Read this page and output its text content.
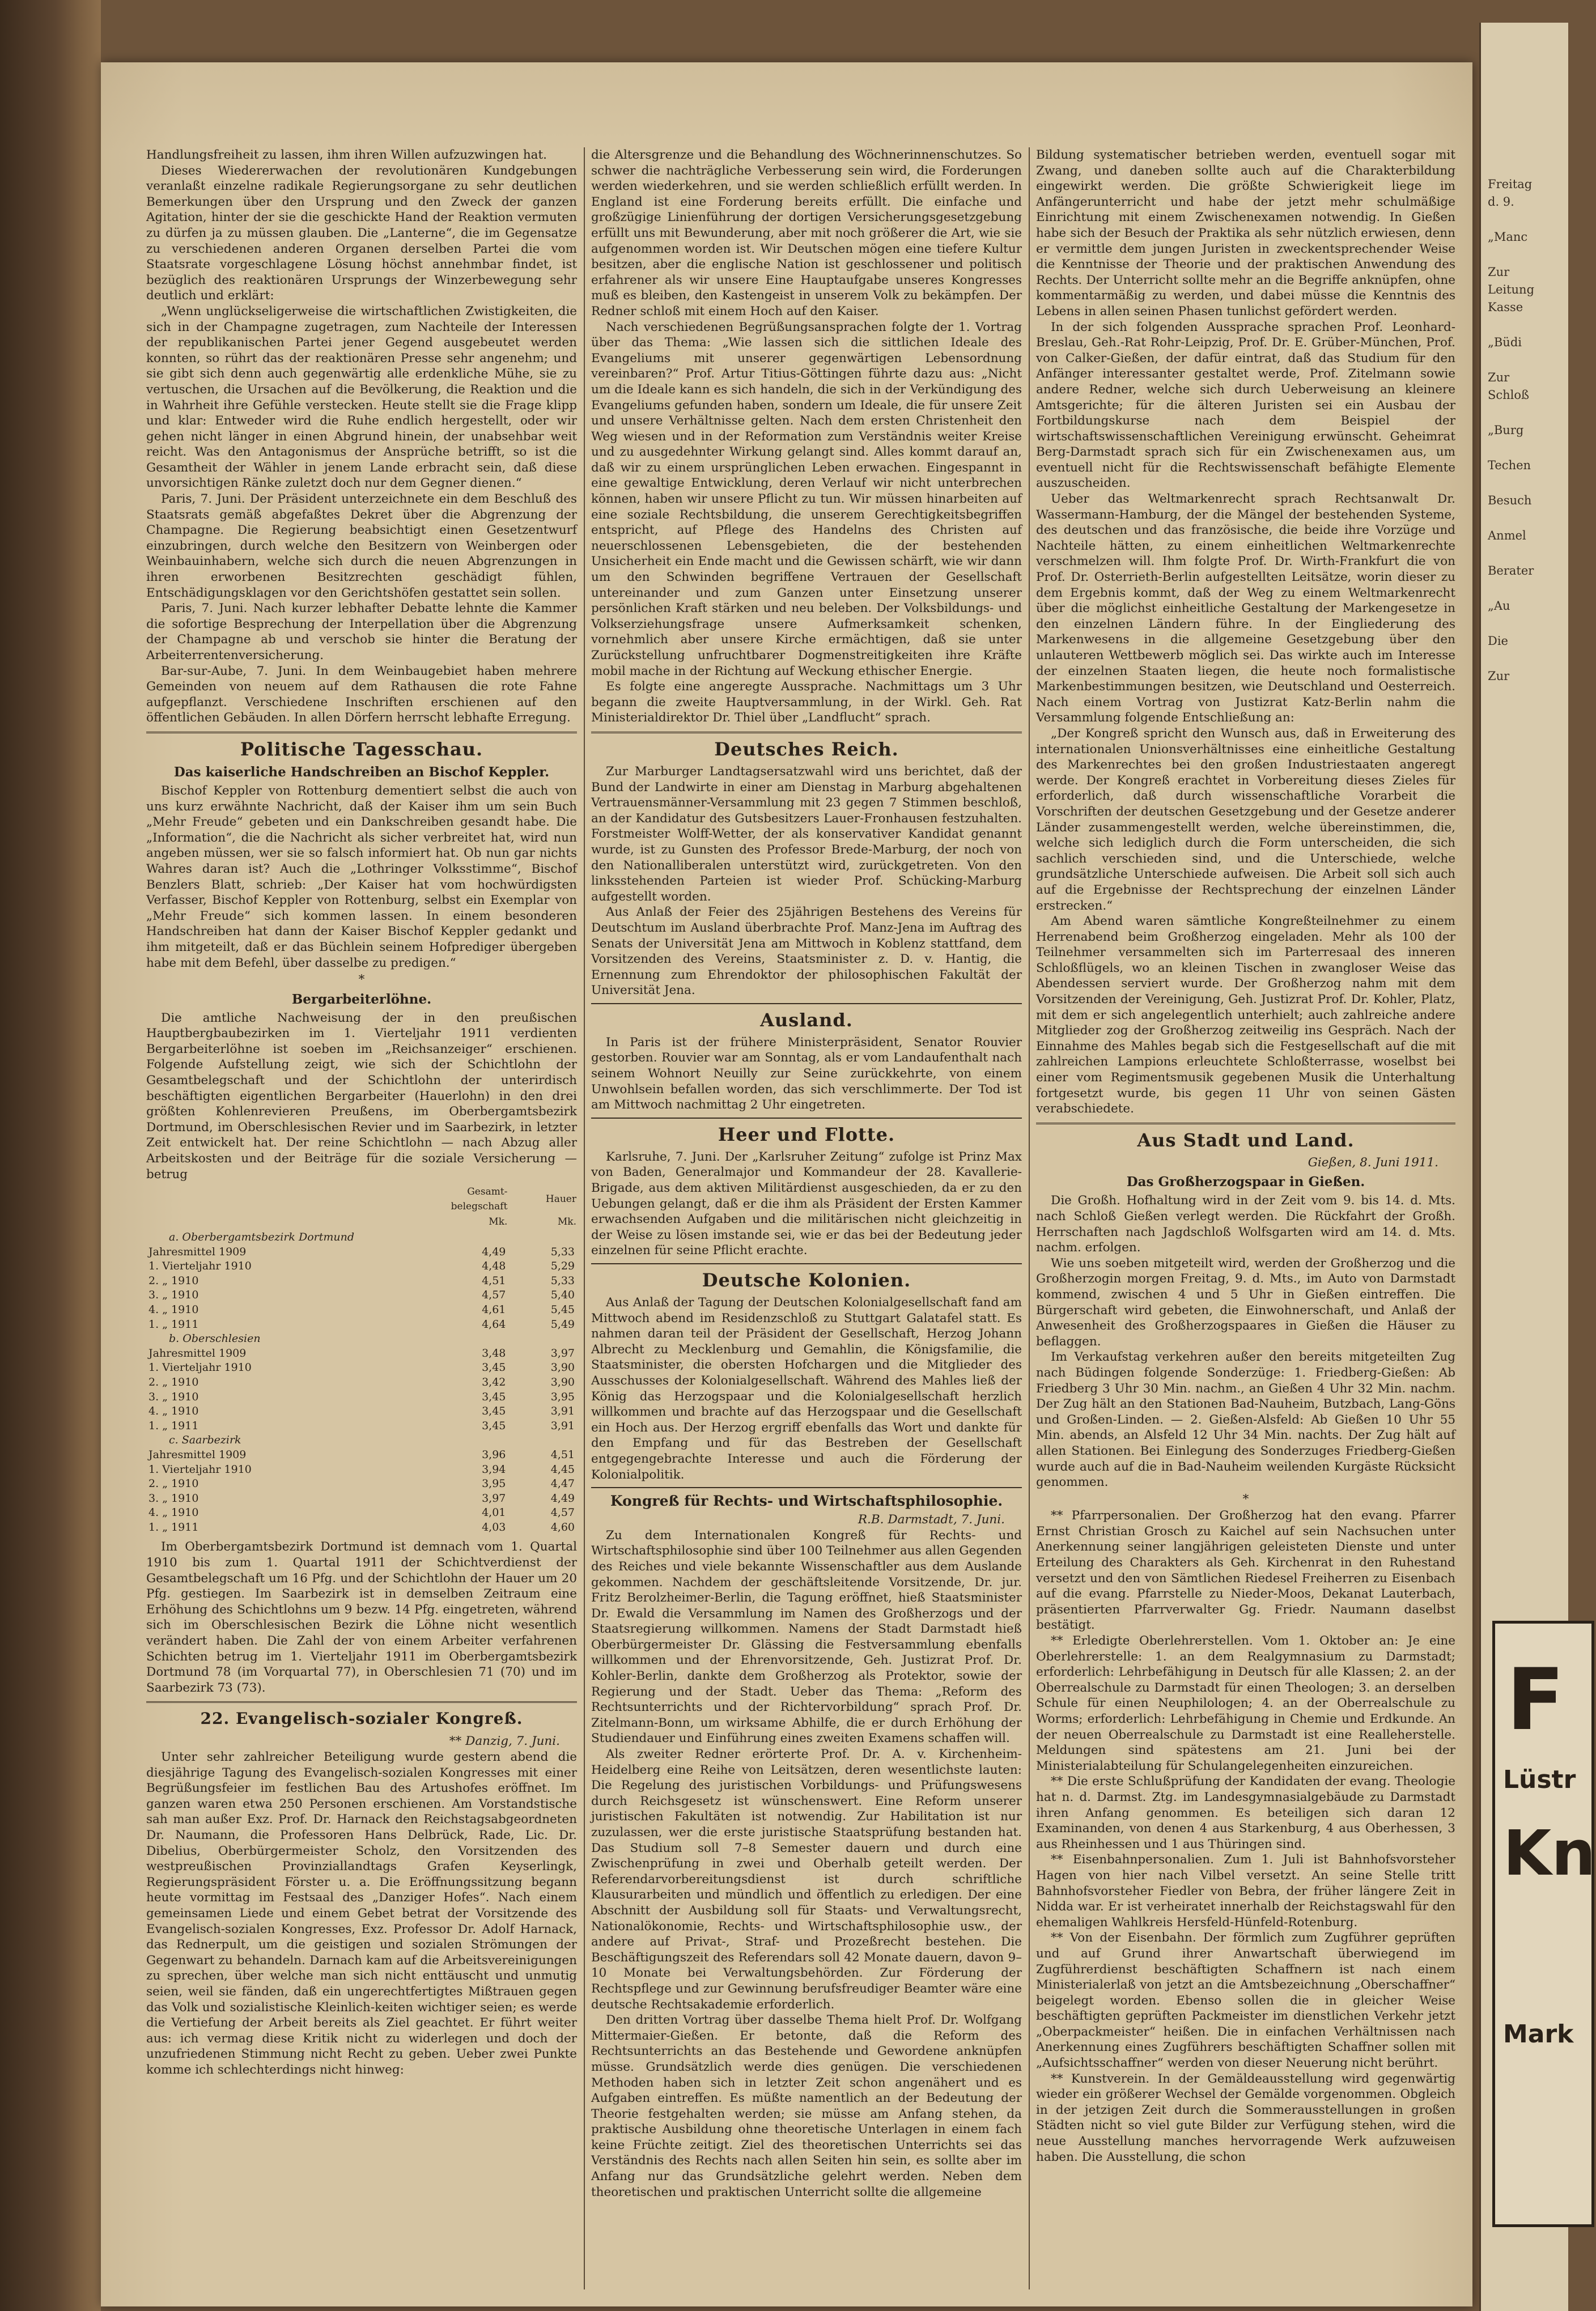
Handlungsfreiheit zu lassen, ihm ihren Willen aufzuzwingen hat.

Dieses Wiedererwachen der revolutionären Kundgebungen veranlaßt einzelne radikale Regierungsorgane zu sehr deutlichen Bemerkungen über den Ursprung und den Zweck der ganzen Agitation, hinter der sie die geschickte Hand der Reaktion vermuten zu dürfen ja zu müssen glauben. Die „Lanterne“, die im Gegensatze zu verschiedenen anderen Organen derselben Partei die vom Staatsrate vorgeschlagene Lösung höchst annehmbar findet, ist bezüglich des reaktionären Ursprungs der Winzerbewegung sehr deutlich und erklärt:

„Wenn unglückseligerweise die wirtschaftlichen Zwistigkeiten, die sich in der Champagne zugetragen, zum Nachteile der Interessen der republikanischen Partei jener Gegend ausgebeutet werden konnten, so rührt das der reaktionären Presse sehr angenehm; und sie gibt sich denn auch gegenwärtig alle erdenkliche Mühe, sie zu vertuschen, die Ursachen auf die Bevölkerung, die Reaktion und die in Wahrheit ihre Gefühle verstecken. Heute stellt sie die Frage klipp und klar: Entweder wird die Ruhe endlich hergestellt, oder wir gehen nicht länger in einen Abgrund hinein, der unabsehbar weit reicht. Was den Antagonismus der Ansprüche betrifft, so ist die Gesamtheit der Wähler in jenem Lande erbracht sein, daß diese unvorsichtigen Ränke zuletzt doch nur dem Gegner dienen.“

Paris, 7. Juni. Der Präsident unterzeichnete ein dem Beschluß des Staatsrats gemäß abgefaßtes Dekret über die Abgrenzung der Champagne. Die Regierung beabsichtigt einen Gesetzentwurf einzubringen, durch welche den Besitzern von Weinbergen oder Weinbauinhabern, welche sich durch die neuen Abgrenzungen in ihren erworbenen Besitzrechten geschädigt fühlen, Entschädigungsklagen vor den Gerichtshöfen gestattet sein sollen.

Paris, 7. Juni. Nach kurzer lebhafter Debatte lehnte die Kammer die sofortige Besprechung der Interpellation über die Abgrenzung der Champagne ab und verschob sie hinter die Beratung der Arbeiterrentenversicherung.

Bar-sur-Aube, 7. Juni. In dem Weinbaugebiet haben mehrere Gemeinden von neuem auf dem Rathausen die rote Fahne aufgepflanzt. Verschiedene Inschriften erschienen auf den öffentlichen Gebäuden. In allen Dörfern herrscht lebhafte Erregung.

Politische Tagesschau.
Das kaiserliche Handschreiben an Bischof Keppler.

Bischof Keppler von Rottenburg dementiert selbst die auch von uns kurz erwähnte Nachricht, daß der Kaiser ihm um sein Buch „Mehr Freude“ gebeten und ein Dankschreiben gesandt habe. Die „Information“, die die Nachricht als sicher verbreitet hat, wird nun angeben müssen, wer sie so falsch informiert hat. Ob nun gar nichts Wahres daran ist? Auch die „Lothringer Volksstimme“, Bischof Benzlers Blatt, schrieb: „Der Kaiser hat vom hochwürdigsten Verfasser, Bischof Keppler von Rottenburg, selbst ein Exemplar von „Mehr Freude“ sich kommen lassen. In einem besonderen Handschreiben hat dann der Kaiser Bischof Keppler gedankt und ihm mitgeteilt, daß er das Büchlein seinem Hofprediger übergeben habe mit dem Befehl, über dasselbe zu predigen.“

*
Bergarbeiterlöhne.

Die amtliche Nachweisung der in den preußischen Hauptbergbaubezirken im 1. Vierteljahr 1911 verdienten Bergarbeiterlöhne ist soeben im „Reichsanzeiger“ erschienen. Folgende Aufstellung zeigt, wie sich der Schichtlohn der Gesamtbelegschaft und der Schichtlohn der unterirdisch beschäftigten eigentlichen Bergarbeiter (Hauerlohn) in den drei größten Kohlenrevieren Preußens, im Oberbergamtsbezirk Dortmund, im Oberschlesischen Revier und im Saarbezirk, in letzter Zeit entwickelt hat. Der reine Schichtlohn — nach Abzug aller Arbeitskosten und der Beiträge für die soziale Versicherung — betrug

	Gesamt-belegschaft	Hauer
	Mk.	Mk.
a. Oberbergamtsbezirk Dortmund		
Jahresmittel 1909	4,49	5,33
1. Vierteljahr 1910	4,48	5,29
2. „ 1910	4,51	5,33
3. „ 1910	4,57	5,40
4. „ 1910	4,61	5,45
1. „ 1911	4,64	5,49
b. Oberschlesien		
Jahresmittel 1909	3,48	3,97
1. Vierteljahr 1910	3,45	3,90
2. „ 1910	3,42	3,90
3. „ 1910	3,45	3,95
4. „ 1910	3,45	3,91
1. „ 1911	3,45	3,91
c. Saarbezirk		
Jahresmittel 1909	3,96	4,51
1. Vierteljahr 1910	3,94	4,45
2. „ 1910	3,95	4,47
3. „ 1910	3,97	4,49
4. „ 1910	4,01	4,57
1. „ 1911	4,03	4,60

Im Oberbergamtsbezirk Dortmund ist demnach vom 1. Quartal 1910 bis zum 1. Quartal 1911 der Schichtverdienst der Gesamtbelegschaft um 16 Pfg. und der Schichtlohn der Hauer um 20 Pfg. gestiegen. Im Saarbezirk ist in demselben Zeitraum eine Erhöhung des Schichtlohns um 9 bezw. 14 Pfg. eingetreten, während sich im Oberschlesischen Bezirk die Löhne nicht wesentlich verändert haben. Die Zahl der von einem Arbeiter verfahrenen Schichten betrug im 1. Vierteljahr 1911 im Oberbergamtsbezirk Dortmund 78 (im Vorquartal 77), in Oberschlesien 71 (70) und im Saarbezirk 73 (73).

22. Evangelisch-sozialer Kongreß.
** Danzig, 7. Juni.

Unter sehr zahlreicher Beteiligung wurde gestern abend die diesjährige Tagung des Evangelisch-sozialen Kongresses mit einer Begrüßungsfeier im festlichen Bau des Artushofes eröffnet. Im ganzen waren etwa 250 Personen erschienen. Am Vorstandstische sah man außer Exz. Prof. Dr. Harnack den Reichstagsabgeordneten Dr. Naumann, die Professoren Hans Delbrück, Rade, Lic. Dr. Dibelius, Oberbürgermeister Scholz, den Vorsitzenden des westpreußischen Provinziallandtags Grafen Keyserlingk, Regierungspräsident Förster u. a. Die Eröffnungssitzung begann heute vormittag im Festsaal des „Danziger Hofes“. Nach einem gemeinsamen Liede und einem Gebet betrat der Vorsitzende des Evangelisch-sozialen Kongresses, Exz. Professor Dr. Adolf Harnack, das Rednerpult, um die geistigen und sozialen Strömungen der Gegenwart zu behandeln. Darnach kam auf die Arbeitsvereinigungen zu sprechen, über welche man sich nicht enttäuscht und unmutig seien, weil sie fänden, daß ein ungerechtfertigtes Mißtrauen gegen das Volk und sozialistische Kleinlich-keiten wichtiger seien; es werde die Vertiefung der Arbeit bereits als Ziel geachtet. Er führt weiter aus: ich vermag diese Kritik nicht zu widerlegen und doch der unzufriedenen Stimmung nicht Recht zu geben. Ueber zwei Punkte komme ich schlechterdings nicht hinweg:

die Altersgrenze und die Behandlung des Wöchnerinnenschutzes. So schwer die nachträgliche Verbesserung sein wird, die Forderungen werden wiederkehren, und sie werden schließlich erfüllt werden. In England ist eine Forderung bereits erfüllt. Die einfache und großzügige Linienführung der dortigen Versicherungsgesetzgebung erfüllt uns mit Bewunderung, aber mit noch größerer die Art, wie sie aufgenommen worden ist. Wir Deutschen mögen eine tiefere Kultur besitzen, aber die englische Nation ist geschlossener und politisch erfahrener als wir unsere Eine Hauptaufgabe unseres Kongresses muß es bleiben, den Kastengeist in unserem Volk zu bekämpfen. Der Redner schloß mit einem Hoch auf den Kaiser.

Nach verschiedenen Begrüßungsansprachen folgte der 1. Vortrag über das Thema: „Wie lassen sich die sittlichen Ideale des Evangeliums mit unserer gegenwärtigen Lebensordnung vereinbaren?“ Prof. Artur Titius-Göttingen führte dazu aus: „Nicht um die Ideale kann es sich handeln, die sich in der Verkündigung des Evangeliums gefunden haben, sondern um Ideale, die für unsere Zeit und unsere Verhältnisse gelten. Nach dem ersten Christenheit den Weg wiesen und in der Reformation zum Verständnis weiter Kreise und zu ausgedehnter Wirkung gelangt sind. Alles kommt darauf an, daß wir zu einem ursprünglichen Leben erwachen. Eingespannt in eine gewaltige Entwicklung, deren Verlauf wir nicht unterbrechen können, haben wir unsere Pflicht zu tun. Wir müssen hinarbeiten auf eine soziale Rechtsbildung, die unserem Gerechtigkeitsbegriffen entspricht, auf Pflege des Handelns des Christen auf neuerschlossenen Lebensgebieten, die der bestehenden Unsicherheit ein Ende macht und die Gewissen schärft, wie wir dann um den Schwinden begriffene Vertrauen der Gesellschaft untereinander und zum Ganzen unter Einsetzung unserer persönlichen Kraft stärken und neu beleben. Der Volksbildungs- und Volkserziehungsfrage unsere Aufmerksamkeit schenken, vornehmlich aber unsere Kirche ermächtigen, daß sie unter Zurückstellung unfruchtbarer Dogmenstreitigkeiten ihre Kräfte mobil mache in der Richtung auf Weckung ethischer Energie.

Es folgte eine angeregte Aussprache. Nachmittags um 3 Uhr begann die zweite Hauptversammlung, in der Wirkl. Geh. Rat Ministerialdirektor Dr. Thiel über „Landflucht“ sprach.

Deutsches Reich.

Zur Marburger Landtagsersatzwahl wird uns berichtet, daß der Bund der Landwirte in einer am Dienstag in Marburg abgehaltenen Vertrauensmänner-Versammlung mit 23 gegen 7 Stimmen beschloß, an der Kandidatur des Gutsbesitzers Lauer-Fronhausen festzuhalten. Forstmeister Wolff-Wetter, der als konservativer Kandidat genannt wurde, ist zu Gunsten des Professor Brede-Marburg, der noch von den Nationalliberalen unterstützt wird, zurückgetreten. Von den linksstehenden Parteien ist wieder Prof. Schücking-Marburg aufgestellt worden.

Aus Anlaß der Feier des 25jährigen Bestehens des Vereins für Deutschtum im Ausland überbrachte Prof. Manz-Jena im Auftrag des Senats der Universität Jena am Mittwoch in Koblenz stattfand, dem Vorsitzenden des Vereins, Staatsminister z. D. v. Hantig, die Ernennung zum Ehrendoktor der philosophischen Fakultät der Universität Jena.

Ausland.

In Paris ist der frühere Ministerpräsident, Senator Rouvier gestorben. Rouvier war am Sonntag, als er vom Landaufenthalt nach seinem Wohnort Neuilly zur Seine zurückkehrte, von einem Unwohlsein befallen worden, das sich verschlimmerte. Der Tod ist am Mittwoch nachmittag 2 Uhr eingetreten.

Heer und Flotte.

Karlsruhe, 7. Juni. Der „Karlsruher Zeitung“ zufolge ist Prinz Max von Baden, Generalmajor und Kommandeur der 28. Kavallerie-Brigade, aus dem aktiven Militärdienst ausgeschieden, da er zu den Uebungen gelangt, daß er die ihm als Präsident der Ersten Kammer erwachsenden Aufgaben und die militärischen nicht gleichzeitig in der Weise zu lösen imstande sei, wie er das bei der Bedeutung jeder einzelnen für seine Pflicht erachte.

Deutsche Kolonien.

Aus Anlaß der Tagung der Deutschen Kolonialgesellschaft fand am Mittwoch abend im Residenzschloß zu Stuttgart Galatafel statt. Es nahmen daran teil der Präsident der Gesellschaft, Herzog Johann Albrecht zu Mecklenburg und Gemahlin, die Königsfamilie, die Staatsminister, die obersten Hofchargen und die Mitglieder des Ausschusses der Kolonialgesellschaft. Während des Mahles ließ der König das Herzogspaar und die Kolonialgesellschaft herzlich willkommen und brachte auf das Herzogspaar und die Gesellschaft ein Hoch aus. Der Herzog ergriff ebenfalls das Wort und dankte für den Empfang und für das Bestreben der Gesellschaft entgegengebrachte Interesse und auch die Förderung der Kolonialpolitik.

Kongreß für Rechts- und Wirtschaftsphilosophie.
R.B. Darmstadt, 7. Juni.

Zu dem Internationalen Kongreß für Rechts- und Wirtschaftsphilosophie sind über 100 Teilnehmer aus allen Gegenden des Reiches und viele bekannte Wissenschaftler aus dem Auslande gekommen. Nachdem der geschäftsleitende Vorsitzende, Dr. jur. Fritz Berolzheimer-Berlin, die Tagung eröffnet, hieß Staatsminister Dr. Ewald die Versammlung im Namen des Großherzogs und der Staatsregierung willkommen. Namens der Stadt Darmstadt hieß Oberbürgermeister Dr. Glässing die Festversammlung ebenfalls willkommen und der Ehrenvorsitzende, Geh. Justizrat Prof. Dr. Kohler-Berlin, dankte dem Großherzog als Protektor, sowie der Regierung und der Stadt. Ueber das Thema: „Reform des Rechtsunterrichts und der Richtervorbildung“ sprach Prof. Dr. Zitelmann-Bonn, um wirksame Abhilfe, die er durch Erhöhung der Studiendauer und Einführung eines zweiten Examens schaffen will.

Als zweiter Redner erörterte Prof. Dr. A. v. Kirchenheim-Heidelberg eine Reihe von Leitsätzen, deren wesentlichste lauten: Die Regelung des juristischen Vorbildungs- und Prüfungswesens durch Reichsgesetz ist wünschenswert. Eine Reform unserer juristischen Fakultäten ist notwendig. Zur Habilitation ist nur zuzulassen, wer die erste juristische Staatsprüfung bestanden hat. Das Studium soll 7–8 Semester dauern und durch eine Zwischenprüfung in zwei und Oberhalb geteilt werden. Der Referendarvorbereitungsdienst ist durch schriftliche Klausurarbeiten und mündlich und öffentlich zu erledigen. Der eine Abschnitt der Ausbildung soll für Staats- und Verwaltungsrecht, Nationalökonomie, Rechts- und Wirtschaftsphilosophie usw., der andere auf Privat-, Straf- und Prozeßrecht bestehen. Die Beschäftigungszeit des Referendars soll 42 Monate dauern, davon 9–10 Monate bei Verwaltungsbehörden. Zur Förderung der Rechtspflege und zur Gewinnung berufsfreudiger Beamter wäre eine deutsche Rechtsakademie erforderlich.

Den dritten Vortrag über dasselbe Thema hielt Prof. Dr. Wolfgang Mittermaier-Gießen. Er betonte, daß die Reform des Rechtsunterrichts an das Bestehende und Gewordene anknüpfen müsse. Grundsätzlich werde dies genügen. Die verschiedenen Methoden haben sich in letzter Zeit schon angenähert und es Aufgaben eintreffen. Es müßte namentlich an der Bedeutung der Theorie festgehalten werden; sie müsse am Anfang stehen, da praktische Ausbildung ohne theoretische Unterlagen in einem fach keine Früchte zeitigt. Ziel des theoretischen Unterrichts sei das Verständnis des Rechts nach allen Seiten hin sein, es sollte aber im Anfang nur das Grundsätzliche gelehrt werden. Neben dem theoretischen und praktischen Unterricht sollte die allgemeine

Bildung systematischer betrieben werden, eventuell sogar mit Zwang, und daneben sollte auch auf die Charakterbildung eingewirkt werden. Die größte Schwierigkeit liege im Anfängerunterricht und habe der jetzt mehr schulmäßige Einrichtung mit einem Zwischenexamen notwendig. In Gießen habe sich der Besuch der Praktika als sehr nützlich erwiesen, denn er vermittle dem jungen Juristen in zweckentsprechender Weise die Kenntnisse der Theorie und der praktischen Anwendung des Rechts. Der Unterricht sollte mehr an die Begriffe anknüpfen, ohne kommentarmäßig zu werden, und dabei müsse die Kenntnis des Lebens in allen seinen Phasen tunlichst gefördert werden.

In der sich folgenden Aussprache sprachen Prof. Leonhard-Breslau, Geh.-Rat Rohr-Leipzig, Prof. Dr. E. Grüber-München, Prof. von Calker-Gießen, der dafür eintrat, daß das Studium für den Anfänger interessanter gestaltet werde, Prof. Zitelmann sowie andere Redner, welche sich durch Ueberweisung an kleinere Amtsgerichte; für die älteren Juristen sei ein Ausbau der Fortbildungskurse nach dem Beispiel der wirtschaftswissenschaftlichen Vereinigung erwünscht. Geheimrat Berg-Darmstadt sprach sich für ein Zwischenexamen aus, um eventuell nicht für die Rechtswissenschaft befähigte Elemente auszuscheiden.

Ueber das Weltmarkenrecht sprach Rechtsanwalt Dr. Wassermann-Hamburg, der die Mängel der bestehenden Systeme, des deutschen und das französische, die beide ihre Vorzüge und Nachteile hätten, zu einem einheitlichen Weltmarkenrechte verschmelzen will. Ihm folgte Prof. Dr. Wirth-Frankfurt die von Prof. Dr. Osterrieth-Berlin aufgestellten Leitsätze, worin dieser zu dem Ergebnis kommt, daß der Weg zu einem Weltmarkenrecht über die möglichst einheitliche Gestaltung der Markengesetze in den einzelnen Ländern führe. In der Eingliederung des Markenwesens in die allgemeine Gesetzgebung über den unlauteren Wettbewerb möglich sei. Das wirkte auch im Interesse der einzelnen Staaten liegen, die heute noch formalistische Markenbestimmungen besitzen, wie Deutschland und Oesterreich. Nach einem Vortrag von Justizrat Katz-Berlin nahm die Versammlung folgende Entschließung an:

„Der Kongreß spricht den Wunsch aus, daß in Erweiterung des internationalen Unionsverhältnisses eine einheitliche Gestaltung des Markenrechtes bei den großen Industriestaaten angeregt werde. Der Kongreß erachtet in Vorbereitung dieses Zieles für erforderlich, daß durch wissenschaftliche Vorarbeit die Vorschriften der deutschen Gesetzgebung und der Gesetze anderer Länder zusammengestellt werden, welche übereinstimmen, die, welche sich lediglich durch die Form unterscheiden, die sich sachlich verschieden sind, und die Unterschiede, welche grundsätzliche Unterschiede aufweisen. Die Arbeit soll sich auch auf die Ergebnisse der Rechtsprechung der einzelnen Länder erstrecken.“

Am Abend waren sämtliche Kongreßteilnehmer zu einem Herrenabend beim Großherzog eingeladen. Mehr als 100 der Teilnehmer versammelten sich im Parterresaal des inneren Schloßflügels, wo an kleinen Tischen in zwangloser Weise das Abendessen serviert wurde. Der Großherzog nahm mit dem Vorsitzenden der Vereinigung, Geh. Justizrat Prof. Dr. Kohler, Platz, mit dem er sich angelegentlich unterhielt; auch zahlreiche andere Mitglieder zog der Großherzog zeitweilig ins Gespräch. Nach der Einnahme des Mahles begab sich die Festgesellschaft auf die mit zahlreichen Lampions erleuchtete Schloßterrasse, woselbst bei einer vom Regimentsmusik gegebenen Musik die Unterhaltung fortgesetzt wurde, bis gegen 11 Uhr von seinen Gästen verabschiedete.

Aus Stadt und Land.
Gießen, 8. Juni 1911.
Das Großherzogspaar in Gießen.

Die Großh. Hofhaltung wird in der Zeit vom 9. bis 14. d. Mts. nach Schloß Gießen verlegt werden. Die Rückfahrt der Großh. Herrschaften nach Jagdschloß Wolfsgarten wird am 14. d. Mts. nachm. erfolgen.

Wie uns soeben mitgeteilt wird, werden der Großherzog und die Großherzogin morgen Freitag, 9. d. Mts., im Auto von Darmstadt kommend, zwischen 4 und 5 Uhr in Gießen eintreffen. Die Bürgerschaft wird gebeten, die Einwohnerschaft, und Anlaß der Anwesenheit des Großherzogspaares in Gießen die Häuser zu beflaggen.

Im Verkaufstag verkehren außer den bereits mitgeteilten Zug nach Büdingen folgende Sonderzüge: 1. Friedberg-Gießen: Ab Friedberg 3 Uhr 30 Min. nachm., an Gießen 4 Uhr 32 Min. nachm. Der Zug hält an den Stationen Bad-Nauheim, Butzbach, Lang-Göns und Großen-Linden. — 2. Gießen-Alsfeld: Ab Gießen 10 Uhr 55 Min. abends, an Alsfeld 12 Uhr 34 Min. nachts. Der Zug hält auf allen Stationen. Bei Einlegung des Sonderzuges Friedberg-Gießen wurde auch auf die in Bad-Nauheim weilenden Kurgäste Rücksicht genommen.

*

** Pfarrpersonalien. Der Großherzog hat den evang. Pfarrer Ernst Christian Grosch zu Kaichel auf sein Nachsuchen unter Anerkennung seiner langjährigen geleisteten Dienste und unter Erteilung des Charakters als Geh. Kirchenrat in den Ruhestand versetzt und den von Sämtlichen Riedesel Freiherren zu Eisenbach auf die evang. Pfarrstelle zu Nieder-Moos, Dekanat Lauterbach, präsentierten Pfarrverwalter Gg. Friedr. Naumann daselbst bestätigt.

** Erledigte Oberlehrerstellen. Vom 1. Oktober an: Je eine Oberlehrerstelle: 1. an dem Realgymnasium zu Darmstadt; erforderlich: Lehrbefähigung in Deutsch für alle Klassen; 2. an der Oberrealschule zu Darmstadt für einen Theologen; 3. an derselben Schule für einen Neuphilologen; 4. an der Oberrealschule zu Worms; erforderlich: Lehrbefähigung in Chemie und Erdkunde. An der neuen Oberrealschule zu Darmstadt ist eine Realleherstelle. Meldungen sind spätestens am 21. Juni bei der Ministerialabteilung für Schulangelegenheiten einzureichen.

** Die erste Schlußprüfung der Kandidaten der evang. Theologie hat n. d. Darmst. Ztg. im Landesgymnasialgebäude zu Darmstadt ihren Anfang genommen. Es beteiligen sich daran 12 Examinanden, von denen 4 aus Starkenburg, 4 aus Oberhessen, 3 aus Rheinhessen und 1 aus Thüringen sind.

** Eisenbahnpersonalien. Zum 1. Juli ist Bahnhofsvorsteher Hagen von hier nach Vilbel versetzt. An seine Stelle tritt Bahnhofsvorsteher Fiedler von Bebra, der früher längere Zeit in Nidda war. Er ist verheiratet innerhalb der Reichstagswahl für den ehemaligen Wahlkreis Hersfeld-Hünfeld-Rotenburg.

** Von der Eisenbahn. Der förmlich zum Zugführer geprüften und auf Grund ihrer Anwartschaft überwiegend im Zugführerdienst beschäftigten Schaffnern ist nach einem Ministerialerlaß von jetzt an die Amtsbezeichnung „Oberschaffner“ beigelegt worden. Ebenso sollen die in gleicher Weise beschäftigten geprüften Packmeister im dienstlichen Verkehr jetzt „Oberpackmeister“ heißen. Die in einfachen Verhältnissen nach Anerkennung eines Zugführers beschäftigten Schaffner sollen mit „Aufsichtsschaffner“ werden von dieser Neuerung nicht berührt.

** Kunstverein. In der Gemäldeausstellung wird gegenwärtig wieder ein größerer Wechsel der Gemälde vorgenommen. Obgleich in der jetzigen Zeit durch die Sommerausstellungen in großen Städten nicht so viel gute Bilder zur Verfügung stehen, wird die neue Ausstellung manches hervorragende Werk aufzuweisen haben. Die Ausstellung, die schon

Freitag
d. 9.

„Manc

Zur
Leitung
Kasse

„Büdi

Zur
Schloß

„Burg

Techen

Besuch

Anmel

Berater

„Au

Die

Zur
F
Lüstr
Kn
Mark
